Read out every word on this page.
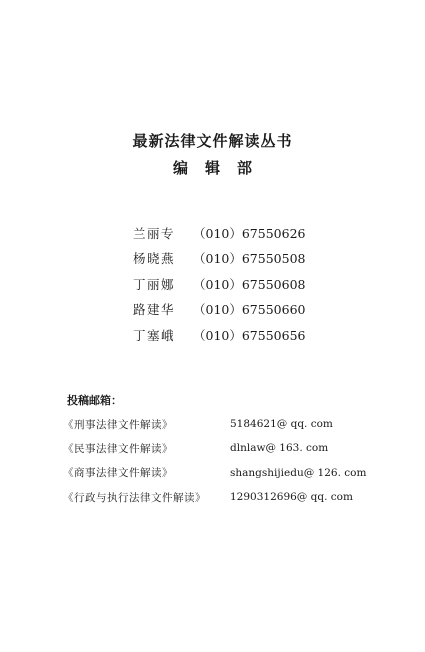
最新法律文件解读丛书
编辑部
兰丽专	（010）67550626
杨晓燕	（010）67550508
丁丽娜	（010）67550608
路建华	（010）67550660
丁塞峨	（010）67550656
投稿邮箱：
《刑事法律文件解读》	5184621@ qq. com
《民事法律文件解读》	dlnlaw@ 163. com
《商事法律文件解读》	shangshijiedu@ 126. com
《行政与执行法律文件解读》	1290312696@ qq. com
